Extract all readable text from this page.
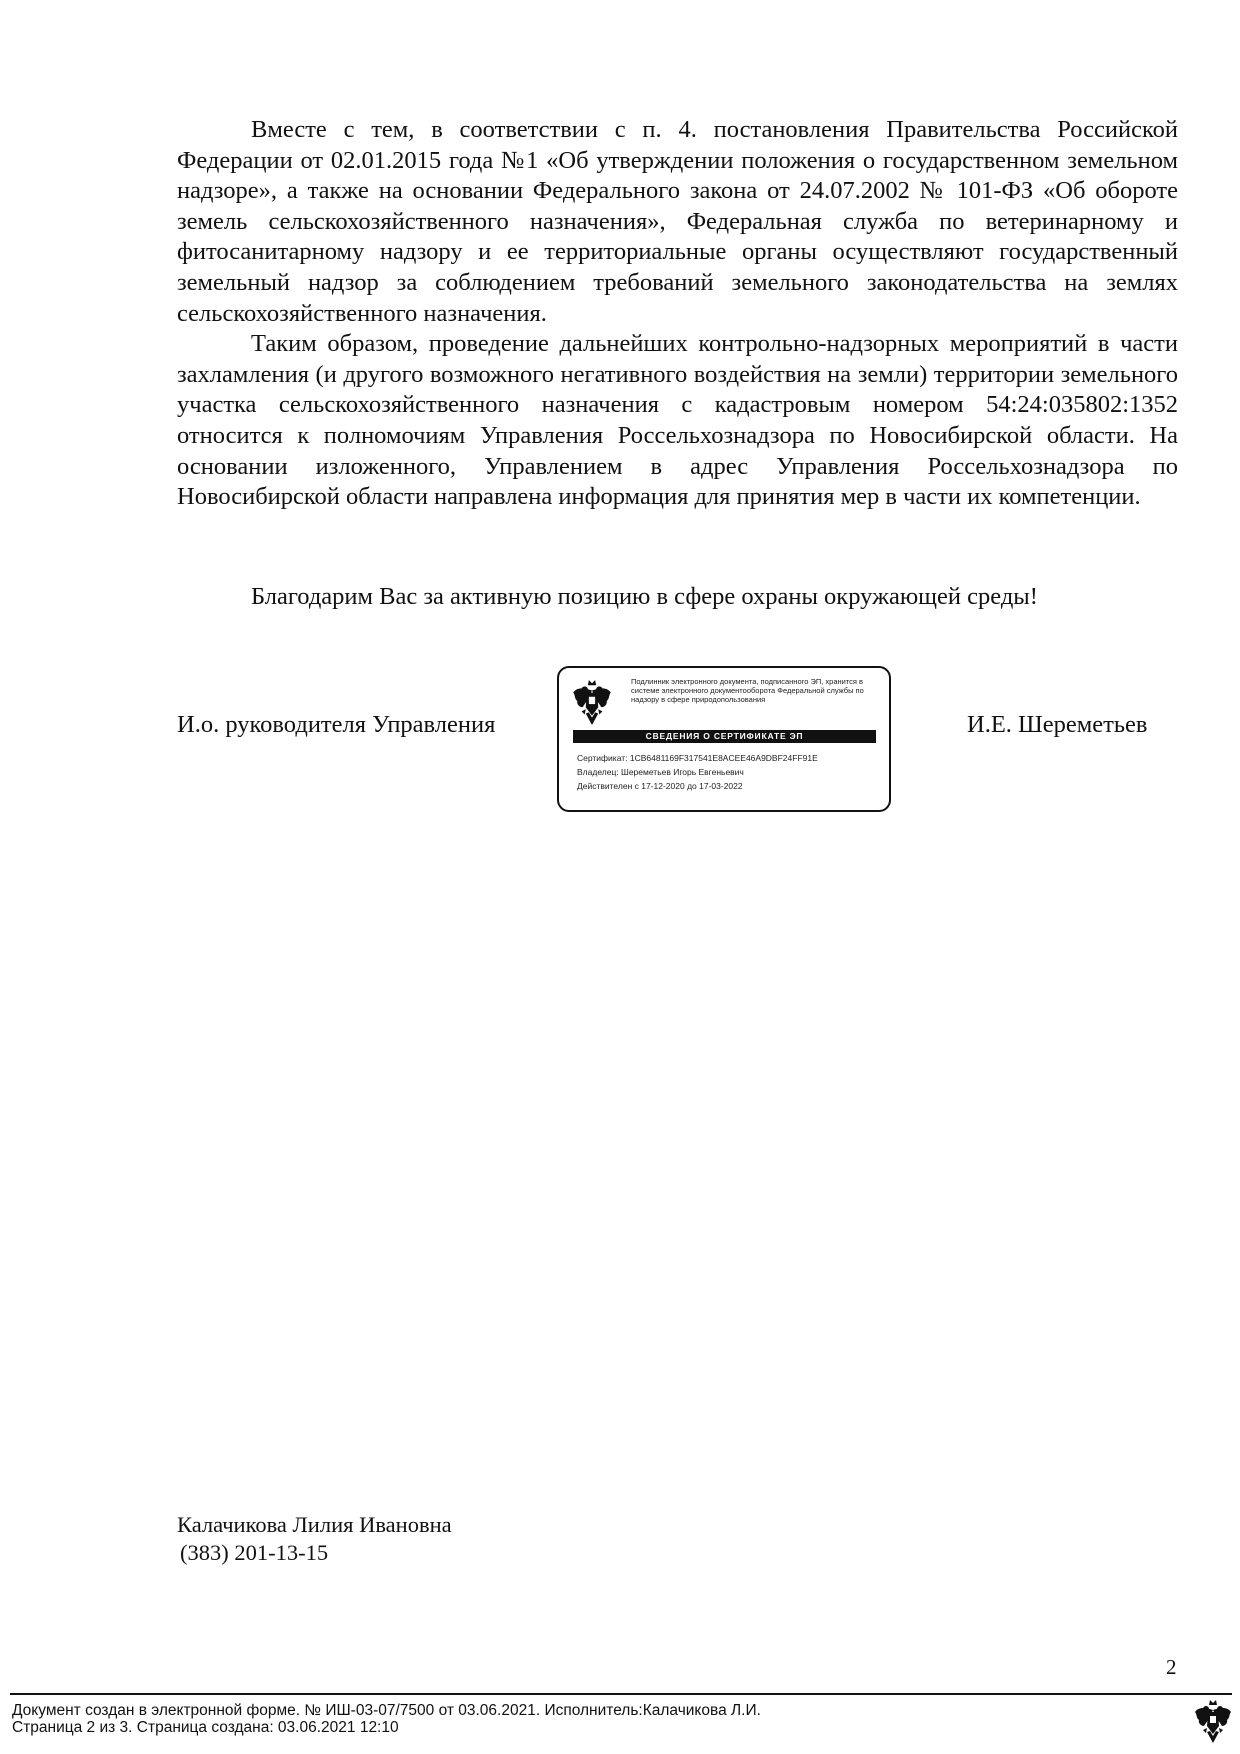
Вместе с тем, в соответствии с п. 4. постановления Правительства Российской Федерации от 02.01.2015 года №1 «Об утверждении положения о государственном земельном надзоре», а также на основании Федерального закона от 24.07.2002 № 101-ФЗ «Об обороте земель сельскохозяйственного назначения», Федеральная служба по ветеринарному и фитосанитарному надзору и ее территориальные органы осуществляют государственный земельный надзор за соблюдением требований земельного законодательства на землях сельскохозяйственного назначения.

Таким образом, проведение дальнейших контрольно-надзорных мероприятий в части захламления (и другого возможного негативного воздействия на земли) территории земельного участка сельскохозяйственного назначения с кадастровым номером 54:24:035802:1352 относится к полномочиям Управления Россельхознадзора по Новосибирской области. На основании изложенного, Управлением в адрес Управления Россельхознадзора по Новосибирской области направлена информация для принятия мер в части их компетенции.

Благодарим Вас за активную позицию в сфере охраны окружающей среды!
И.о. руководителя Управления
Подлинник электронного документа, подписанного ЭП, хранится в системе электронного документооборота Федеральной службы по надзору в сфере природопользования
СВЕДЕНИЯ О СЕРТИФИКАТЕ ЭП
Сертификат: 1CB6481169F317541E8ACEE46A9DBF24FF91E
Владелец: Шереметьев Игорь Евгеньевич
Действителен с 17-12-2020 до 17-03-2022
И.Е. Шереметьев
Калачикова Лилия Ивановна
(383) 201-13-15
2
Документ создан в электронной форме. № ИШ-03-07/7500 от 03.06.2021. Исполнитель:Калачикова Л.И.
Страница 2 из 3. Страница создана: 03.06.2021 12:10
